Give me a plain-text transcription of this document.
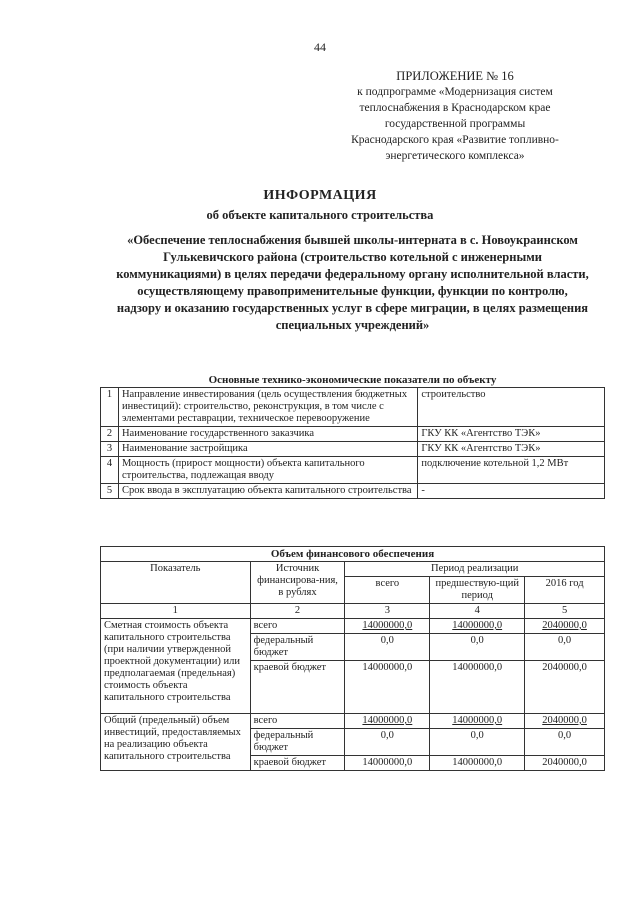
44
ПРИЛОЖЕНИЕ № 16
к подпрограмме «Модернизация систем
теплоснабжения в Краснодарском крае
государственной программы
Краснодарского края «Развитие топливно-
энергетического комплекса»
ИНФОРМАЦИЯ
об объекте капитального строительства
«Обеспечение теплоснабжения бывшей школы-интерната в с. Новоукраинском Гулькевичского района (строительство котельной с инженерными коммуникациями) в целях передачи федеральному органу исполнительной власти, осуществляющему правоприменительные функции, функции по контролю, надзору и оказанию государственных услуг в сфере миграции, в целях размещения специальных учреждений»
Основные технико-экономические показатели по объекту		
1	Направление инвестирования (цель осуществления бюджетных инвестиций): строительство, реконструкция, в том числе с элементами реставрации, техническое перевооружение	строительство
2	Наименование государственного заказчика	ГКУ КК «Агентство ТЭК»
3	Наименование застройщика	ГКУ КК «Агентство ТЭК»
4	Мощность (прирост мощности) объекта капитального строительства, подлежащая вводу	подключение котельной 1,2 МВт
5	Срок ввода в эксплуатацию объекта капитального строительства	-
Объем финансового обеспечения				
Показатель	Источник финансирова-ния, в рублях	Период реализации		
		всего	предшествую-щий период	2016 год
1	2	3	4	5
Сметная стоимость объекта капитального строительства (при наличии утвержденной проектной документации) или предполагаемая (предельная) стоимость объекта капитального строительства	всего	14000000,0	14000000,0	2040000,0
	федеральный бюджет	0,0	0,0	0,0
	краевой бюджет	14000000,0	14000000,0	2040000,0
Общий (предельный) объем инвестиций, предоставляемых на реализацию объекта капитального строительства	всего	14000000,0	14000000,0	2040000,0
	федеральный бюджет	0,0	0,0	0,0
	краевой бюджет	14000000,0	14000000,0	2040000,0
